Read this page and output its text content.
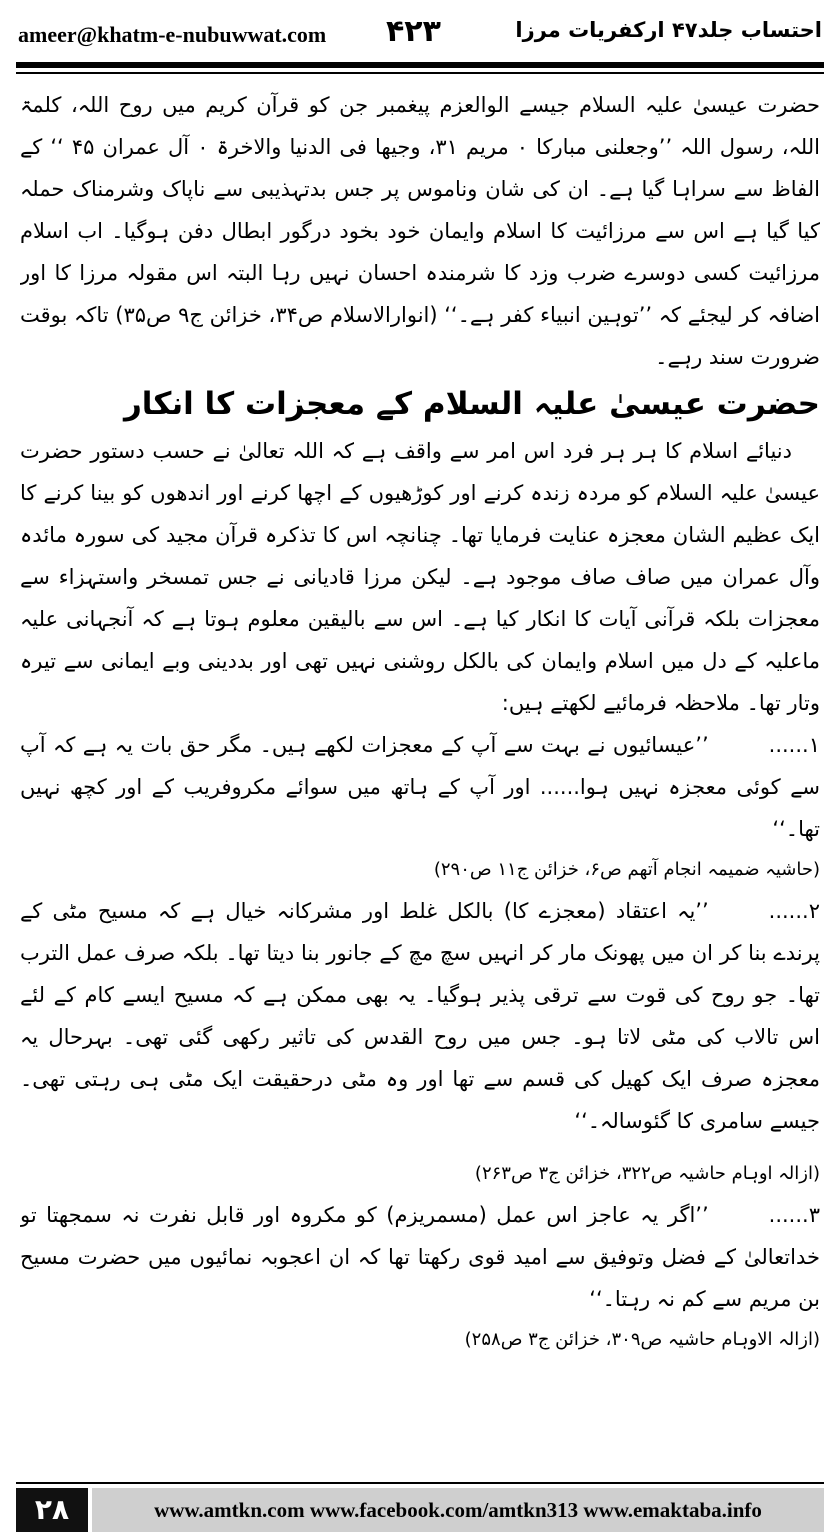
ameer@khatm-e-nubuwwat.com ۴۲۳	احتساب جلد۴۷ ارکفریات مرزا

حضرت عیسیٰ علیہ السلام جیسے الوالعزم پیغمبر جن کو قرآن کریم میں روح اللہ، کلمۃ اللہ، رسول اللہ ’’وجعلنی مبارکا ۰ مریم ۳۱، وجیھا فی الدنیا والاخرۃ ۰ آل عمران ۴۵ ‘‘ کے الفاظ سے سراہا گیا ہے۔ ان کی شان وناموس پر جس بدتہذیبی سے ناپاک وشرمناک حملہ کیا گیا ہے اس سے مرزائیت کا اسلام وایمان خود بخود درگور ابطال دفن ہوگیا۔ اب اسلام مرزائیت کسی دوسرے ضرب وزد کا شرمندہ احسان نہیں رہا البتہ اس مقولہ مرزا کا اور اضافہ کر لیجئے کہ ’’توہین انبیاء کفر ہے۔‘‘ (انوارالاسلام ص۳۴، خزائن ج۹ ص۳۵) تاکہ بوقت ضرورت سند رہے۔

حضرت عیسیٰ علیہ السلام کے معجزات کا انکار

دنیائے اسلام کا ہر ہر فرد اس امر سے واقف ہے کہ اللہ تعالیٰ نے حسب دستور حضرت عیسیٰ علیہ السلام کو مردہ زندہ کرنے اور کوڑھیوں کے اچھا کرنے اور اندھوں کو بینا کرنے کا ایک عظیم الشان معجزہ عنایت فرمایا تھا۔ چنانچہ اس کا تذکرہ قرآن مجید کی سورہ مائدہ وآل عمران میں صاف صاف موجود ہے۔ لیکن مرزا قادیانی نے جس تمسخر واستہزاء سے معجزات بلکہ قرآنی آیات کا انکار کیا ہے۔ اس سے بالیقین معلوم ہوتا ہے کہ آنجہانی علیہ ماعلیہ کے دل میں اسلام وایمان کی بالکل روشنی نہیں تھی اور بددینی وبے ایمانی سے تیرہ وتار تھا۔ ملاحظہ فرمائیے لکھتے ہیں:

۱......’’عیسائیوں نے بہت سے آپ کے معجزات لکھے ہیں۔ مگر حق بات یہ ہے کہ آپ سے کوئی معجزہ نہیں ہوا...... اور آپ کے ہاتھ میں سوائے مکروفریب کے اور کچھ نہیں تھا۔‘‘

(حاشیہ ضمیمہ انجام آتھم ص۶، خزائن ج۱۱ ص۲۹۰)

۲......’’یہ اعتقاد (معجزے کا) بالکل غلط اور مشرکانہ خیال ہے کہ مسیح مٹی کے پرندے بنا کر ان میں پھونک مار کر انہیں سچ مچ کے جانور بنا دیتا تھا۔ بلکہ صرف عمل الترب تھا۔ جو روح کی قوت سے ترقی پذیر ہوگیا۔ یہ بھی ممکن ہے کہ مسیح ایسے کام کے لئے اس تالاب کی مٹی لاتا ہو۔ جس میں روح القدس کی تاثیر رکھی گئی تھی۔ بہرحال یہ معجزہ صرف ایک کھیل کی قسم سے تھا اور وہ مٹی درحقیقت ایک مٹی ہی رہتی تھی۔ جیسے سامری کا گئوسالہ۔‘‘

(ازالہ اوہام حاشیہ ص۳۲۲، خزائن ج۳ ص۲۶۳)

۳......’’اگر یہ عاجز اس عمل (مسمریزم) کو مکروہ اور قابل نفرت نہ سمجھتا تو خداتعالیٰ کے فضل وتوفیق سے امید قوی رکھتا تھا کہ ان اعجوبہ نمائیوں میں حضرت مسیح بن مریم سے کم نہ رہتا۔‘‘

(ازالہ الاوہام حاشیہ ص۳۰۹، خزائن ج۳ ص۲۵۸)

۲۸	www.amtkn.com www.facebook.com/amtkn313 www.emaktaba.info
